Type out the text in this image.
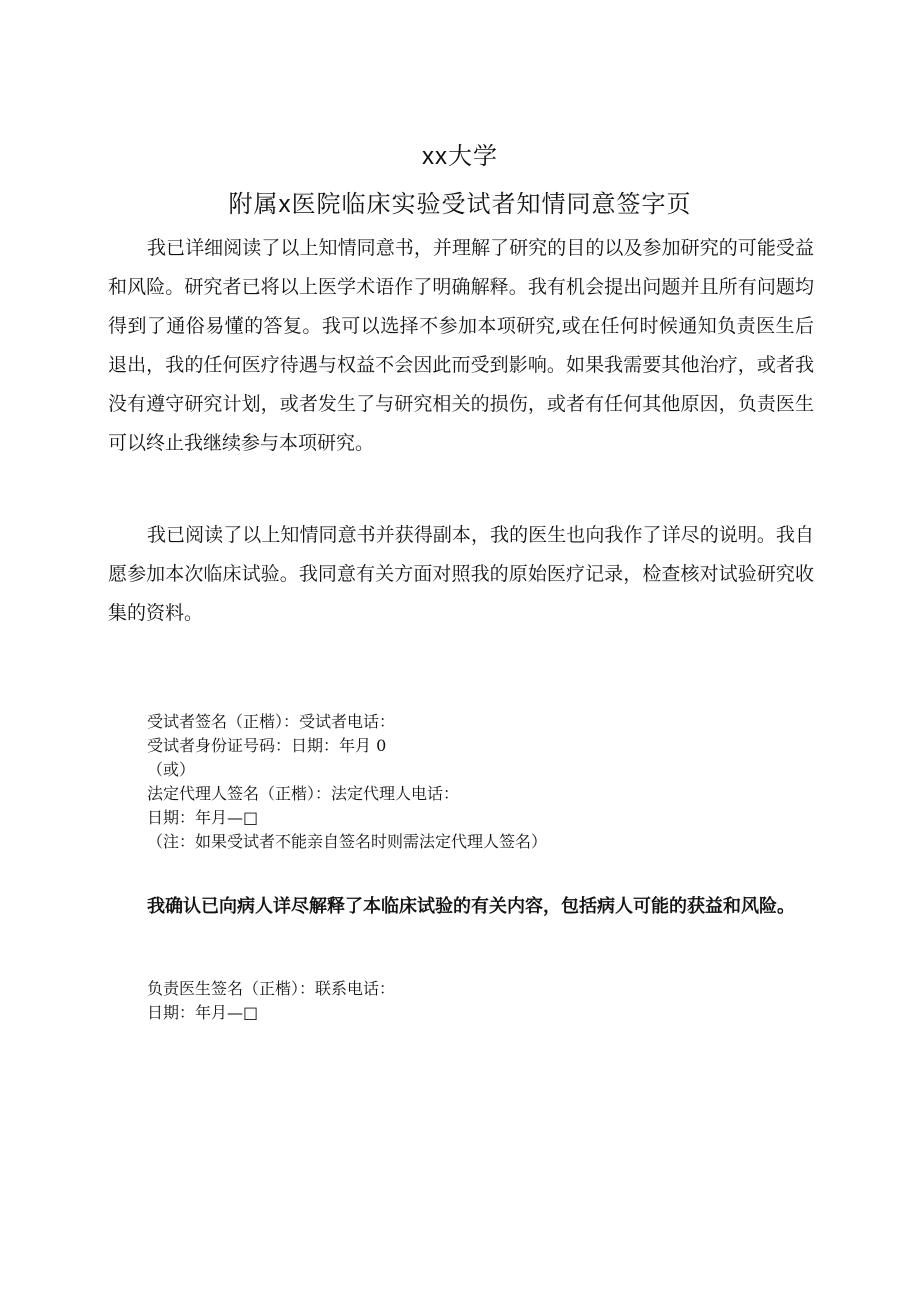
xx大学
附属x医院临床实验受试者知情同意签字页

我已详细阅读了以上知情同意书，并理解了研究的目的以及参加研究的可能受益和风险。研究者已将以上医学术语作了明确解释。我有机会提出问题并且所有问题均得到了通俗易懂的答复。我可以选择不参加本项研究,或在任何时候通知负责医生后退出，我的任何医疗待遇与权益不会因此而受到影响。如果我需要其他治疗，或者我没有遵守研究计划，或者发生了与研究相关的损伤，或者有任何其他原因，负责医生可以终止我继续参与本项研究。

我已阅读了以上知情同意书并获得副本，我的医生也向我作了详尽的说明。我自愿参加本次临床试验。我同意有关方面对照我的原始医疗记录，检查核对试验研究收集的资料。

受试者签名（正楷）：受试者电话：
受试者身份证号码：日期：年月 0
（或）
法定代理人签名（正楷）：法定代理人电话：
日期：年月—□
（注：如果受试者不能亲自签名时则需法定代理人签名）

我确认已向病人详尽解释了本临床试验的有关内容，包括病人可能的获益和风险。

负责医生签名（正楷）：联系电话：
日期：年月—□
